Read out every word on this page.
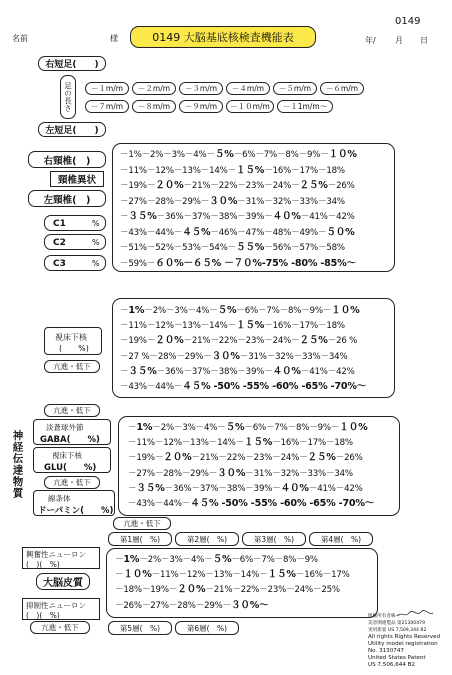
0149
名前	様	0149 大脳基底核検査機能表	年/ 月 日
右短足(　　)
足の長さ	－１m/m	－２m/m	－３m/m	－４m/m	－５m/m	－６m/m
－７m/m	－８m/m	－９m/m	－１０m/m	－１1m/m〜
左短足(　　)
右頸椎(　)
頸椎異状
左頸椎(　)
C1	%
C2	%
C3	%
－1%－2%－3%－4%－５%－6%－7%－8%－9%－１０%
－11%－12%－13%－14%－１５%－16%－17%－18%
－19%－２０%－21%－22%－23%－24%－２５%－26%
－27%－28%－29%－３０%－31%－32%－33%－34%
－３５%－36%－37%－38%－39%－４０%－41%－42%
－43%－44%－４５%－46%－47%－48%－49%－５０%
－51%－52%－53%－54%－５５%－56%－57%－58%
－59%－６０%－６５% －７０%-75% -80% -85%〜
視床下核
(　　%)
亢進・低下
－1%－2%－3%－4%－５%－6%－7%－8%－9%－１０%
－11%－12%－13%－14%－１５%－16%－17%－18%
－19%－２０%－21%－22%－23%－24%－２５%－26 %
－27 %－28%－29%－３０%－31%－32%－33%－34%
－３５%－36%－37%－38%－39%－４０%－41%－42%
－43%－44%－４５% -50% -55% -60% -65% -70%〜
亢進・低下
神経伝達物質
淡蒼球外節
GABA(　　%)
視床下核
GLU(　　%)
亢進・低下
線条体
ドーパミン(　　%)
－1%－2%－3%－4%－５%－6%－7%－8%－9%－１０%
－11%－12%－13%－14%－１５%－16%－17%－18%
－19%－２０%－21%－22%－23%－24%－２５%－26%
－27%－28%－29%－３０%－31%－32%－33%－34%
－３５%－36%－37%－38%－39%－４０%－41%－42%
－43%－44%－４５% -50% -55% -60% -65% -70%〜
亢進・低下
第1層(　%)	第2層(　%)	第3層(　%)	第4層(　%)
興奮性ニューロン
(　)(　%)
大脳皮質
抑制性ニューロン
(　)(　%)
－1%－2%－3%－4%－５%－6%－7%－8%－9%
－１０%－11%－12%－13%－14%－１５%－16%－17%
－18%－19%－２０%－21%－22%－23%－24%－25%
－26%－27%－28%－29%－３０%〜
亢進・低下	第5層(　%)	第6層(　%)
版権所有者株ー
美容関連製品 第21300479
実用新案 US 7,509,344 B2
All rights Rights Reserved
Utility model registration
No. 3130747
United States Patent
US 7,506,644 B2
